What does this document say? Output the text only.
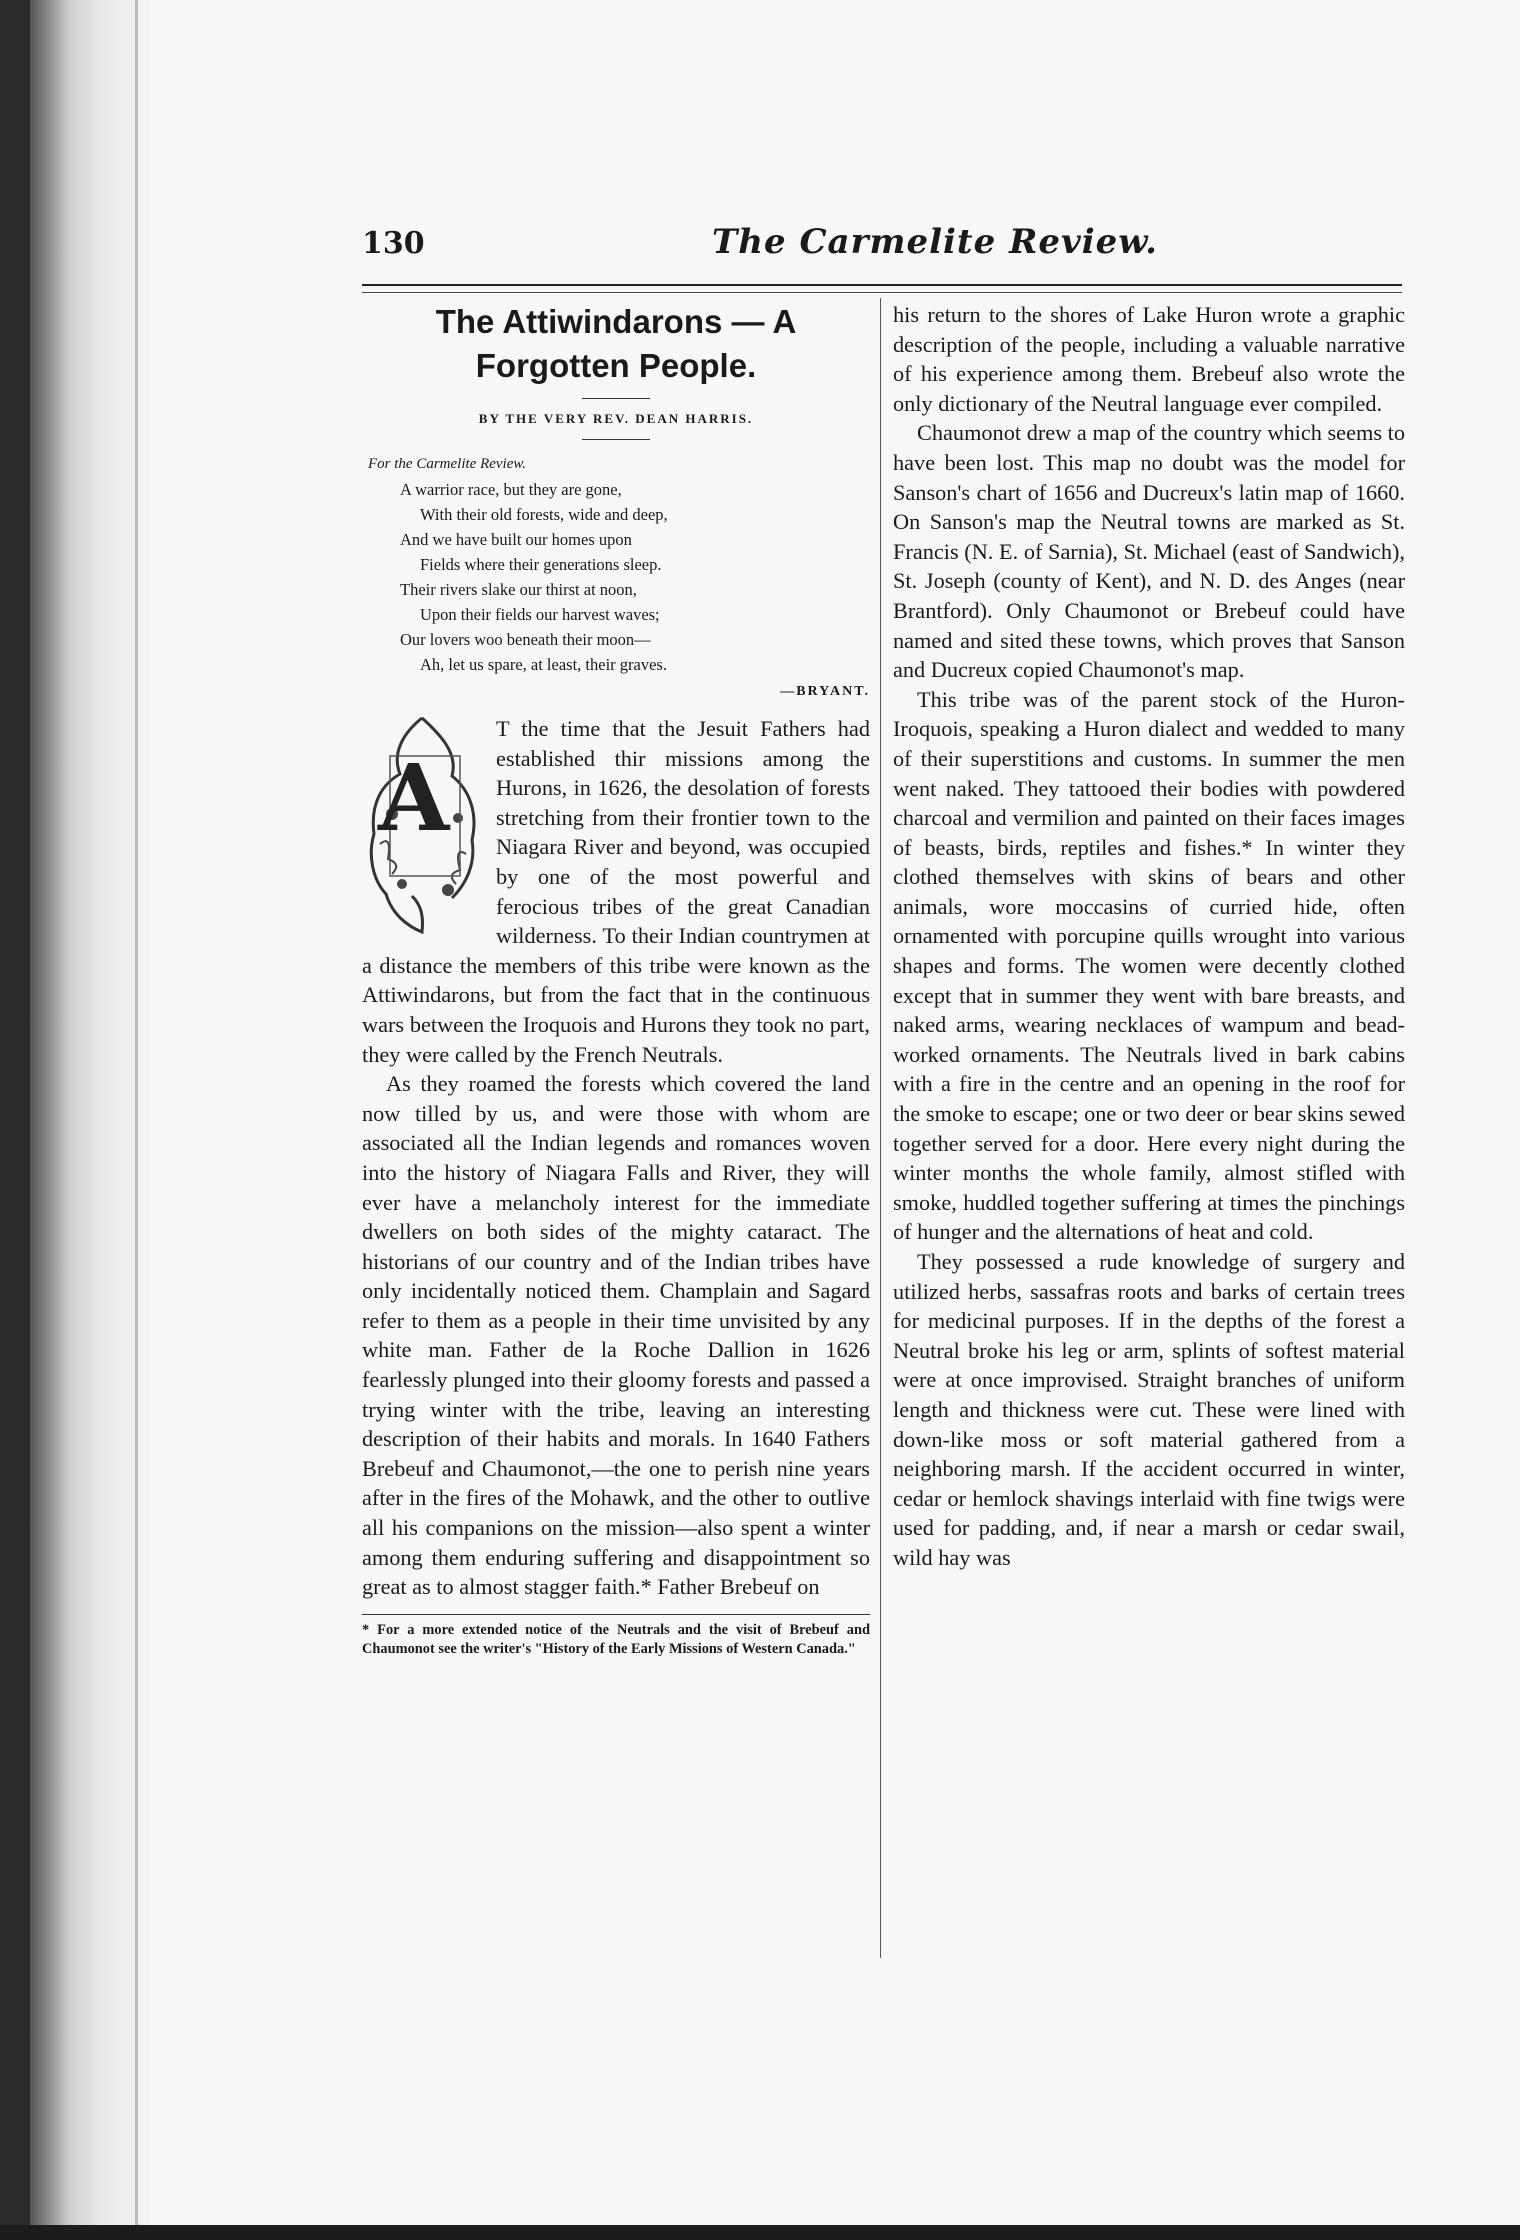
130	The Carmelite Review.
The Attiwindarons — A Forgotten People.
BY THE VERY REV. DEAN HARRIS.
For the Carmelite Review.
A warrior race, but they are gone,
With their old forests, wide and deep,
And we have built our homes upon
Fields where their generations sleep.
Their rivers slake our thirst at noon,
Upon their fields our harvest waves;
Our lovers woo beneath their moon—
Ah, let us spare, at least, their graves.
—BRYANT.
A

T the time that the Jesuit Fathers had established thir missions among the Hurons, in 1626, the desolation of forests stretching from their frontier town to the Niagara River and beyond, was occupied by one of the most powerful and ferocious tribes of the great Canadian wilderness. To their Indian countrymen at a distance the members of this tribe were known as the Attiwindarons, but from the fact that in the continuous wars between the Iroquois and Hurons they took no part, they were called by the French Neutrals.

As they roamed the forests which covered the land now tilled by us, and were those with whom are associated all the Indian legends and romances woven into the history of Niagara Falls and River, they will ever have a melancholy interest for the immediate dwellers on both sides of the mighty cataract. The historians of our country and of the Indian tribes have only incidentally noticed them. Champlain and Sagard refer to them as a people in their time unvisited by any white man. Father de la Roche Dallion in 1626 fearlessly plunged into their gloomy forests and passed a trying winter with the tribe, leaving an interesting description of their habits and morals. In 1640 Fathers Brebeuf and Chaumonot,—the one to perish nine years after in the fires of the Mohawk, and the other to outlive all his companions on the mission—also spent a winter among them enduring suffering and disappointment so great as to almost stagger faith.* Father Brebeuf on

* For a more extended notice of the Neutrals and the visit of Brebeuf and Chaumonot see the writer's "History of the Early Missions of Western Canada."

his return to the shores of Lake Huron wrote a graphic description of the people, including a valuable narrative of his experience among them. Brebeuf also wrote the only dictionary of the Neutral language ever compiled.

Chaumonot drew a map of the country which seems to have been lost. This map no doubt was the model for Sanson's chart of 1656 and Ducreux's latin map of 1660. On Sanson's map the Neutral towns are marked as St. Francis (N. E. of Sarnia), St. Michael (east of Sandwich), St. Joseph (county of Kent), and N. D. des Anges (near Brantford). Only Chaumonot or Brebeuf could have named and sited these towns, which proves that Sanson and Ducreux copied Chaumonot's map.

This tribe was of the parent stock of the Huron-Iroquois, speaking a Huron dialect and wedded to many of their superstitions and customs. In summer the men went naked. They tattooed their bodies with powdered charcoal and vermilion and painted on their faces images of beasts, birds, reptiles and fishes.* In winter they clothed themselves with skins of bears and other animals, wore moccasins of curried hide, often ornamented with porcupine quills wrought into various shapes and forms. The women were decently clothed except that in summer they went with bare breasts, and naked arms, wearing necklaces of wampum and bead-worked ornaments. The Neutrals lived in bark cabins with a fire in the centre and an opening in the roof for the smoke to escape; one or two deer or bear skins sewed together served for a door. Here every night during the winter months the whole family, almost stifled with smoke, huddled together suffering at times the pinchings of hunger and the alternations of heat and cold.

They possessed a rude knowledge of surgery and utilized herbs, sassafras roots and barks of certain trees for medicinal purposes. If in the depths of the forest a Neutral broke his leg or arm, splints of softest material were at once improvised. Straight branches of uniform length and thickness were cut. These were lined with down-like moss or soft material gathered from a neighboring marsh. If the accident occurred in winter, cedar or hemlock shavings interlaid with fine twigs were used for padding, and, if near a marsh or cedar swail, wild hay was
